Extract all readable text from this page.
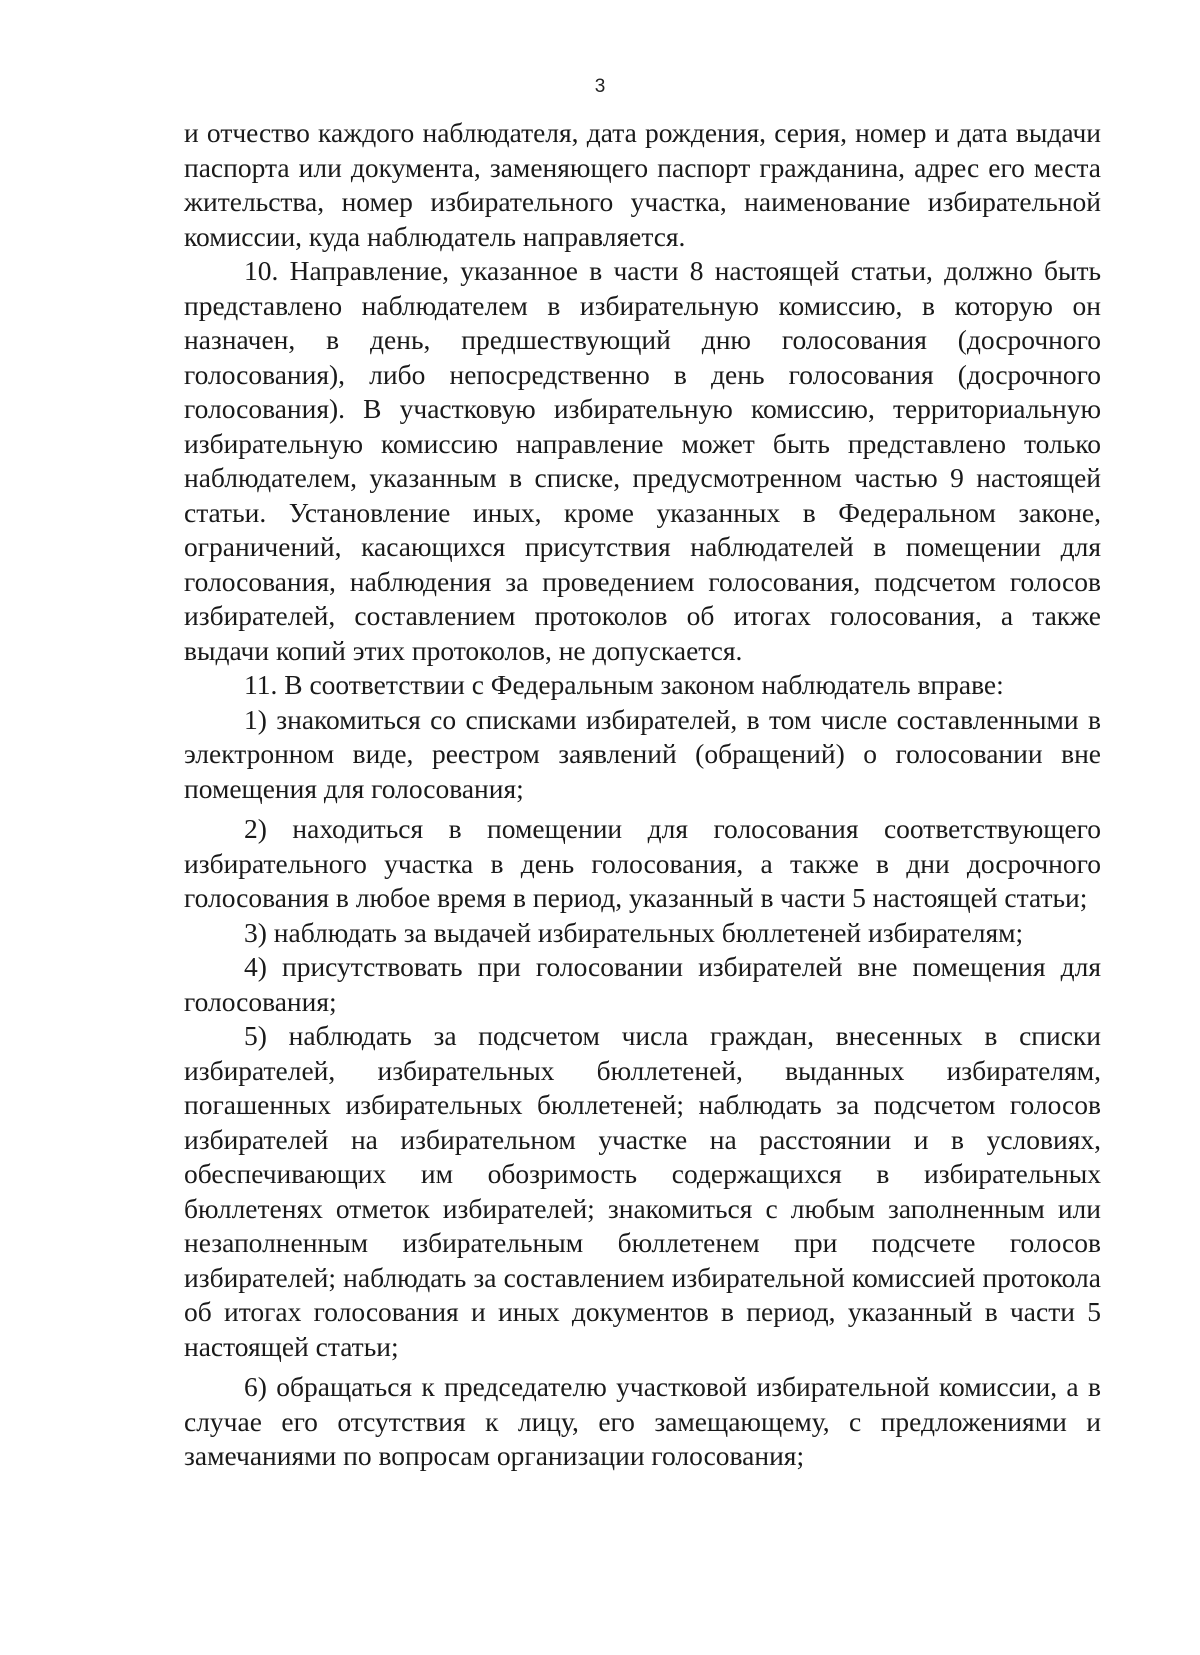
3

и отчество каждого наблюдателя, дата рождения, серия, номер и дата выдачи паспорта или документа, заменяющего паспорт гражданина, адрес его места жительства, номер избирательного участка, наименование избирательной комиссии, куда наблюдатель направляется.

10. Направление, указанное в части 8 настоящей статьи, должно быть представлено наблюдателем в избирательную комиссию, в которую он назначен, в день, предшествующий дню голосования (досрочного голосования), либо непосредственно в день голосования (досрочного голосования). В участковую избирательную комиссию, территориальную избирательную комиссию направление может быть представлено только наблюдателем, указанным в списке, предусмотренном частью 9 настоящей статьи. Установление иных, кроме указанных в Федеральном законе, ограничений, касающихся присутствия наблюдателей в помещении для голосования, наблюдения за проведением голосования, подсчетом голосов избирателей, составлением протоколов об итогах голосования, а также выдачи копий этих протоколов, не допускается.

11. В соответствии с Федеральным законом наблюдатель вправе:

1) знакомиться со списками избирателей, в том числе составленными в электронном виде, реестром заявлений (обращений) о голосовании вне помещения для голосования;

2) находиться в помещении для голосования соответствующего избирательного участка в день голосования, а также в дни досрочного голосования в любое время в период, указанный в части 5 настоящей статьи;

3) наблюдать за выдачей избирательных бюллетеней избирателям;

4) присутствовать при голосовании избирателей вне помещения для голосования;

5) наблюдать за подсчетом числа граждан, внесенных в списки избирателей, избирательных бюллетеней, выданных избирателям, погашенных избирательных бюллетеней; наблюдать за подсчетом голосов избирателей на избирательном участке на расстоянии и в условиях, обеспечивающих им обозримость содержащихся в избирательных бюллетенях отметок избирателей; знакомиться с любым заполненным или незаполненным избирательным бюллетенем при подсчете голосов избирателей; наблюдать за составлением избирательной комиссией протокола об итогах голосования и иных документов в период, указанный в части 5 настоящей статьи;

6) обращаться к председателю участковой избирательной комиссии, а в случае его отсутствия к лицу, его замещающему, с предложениями и замечаниями по вопросам организации голосования;
